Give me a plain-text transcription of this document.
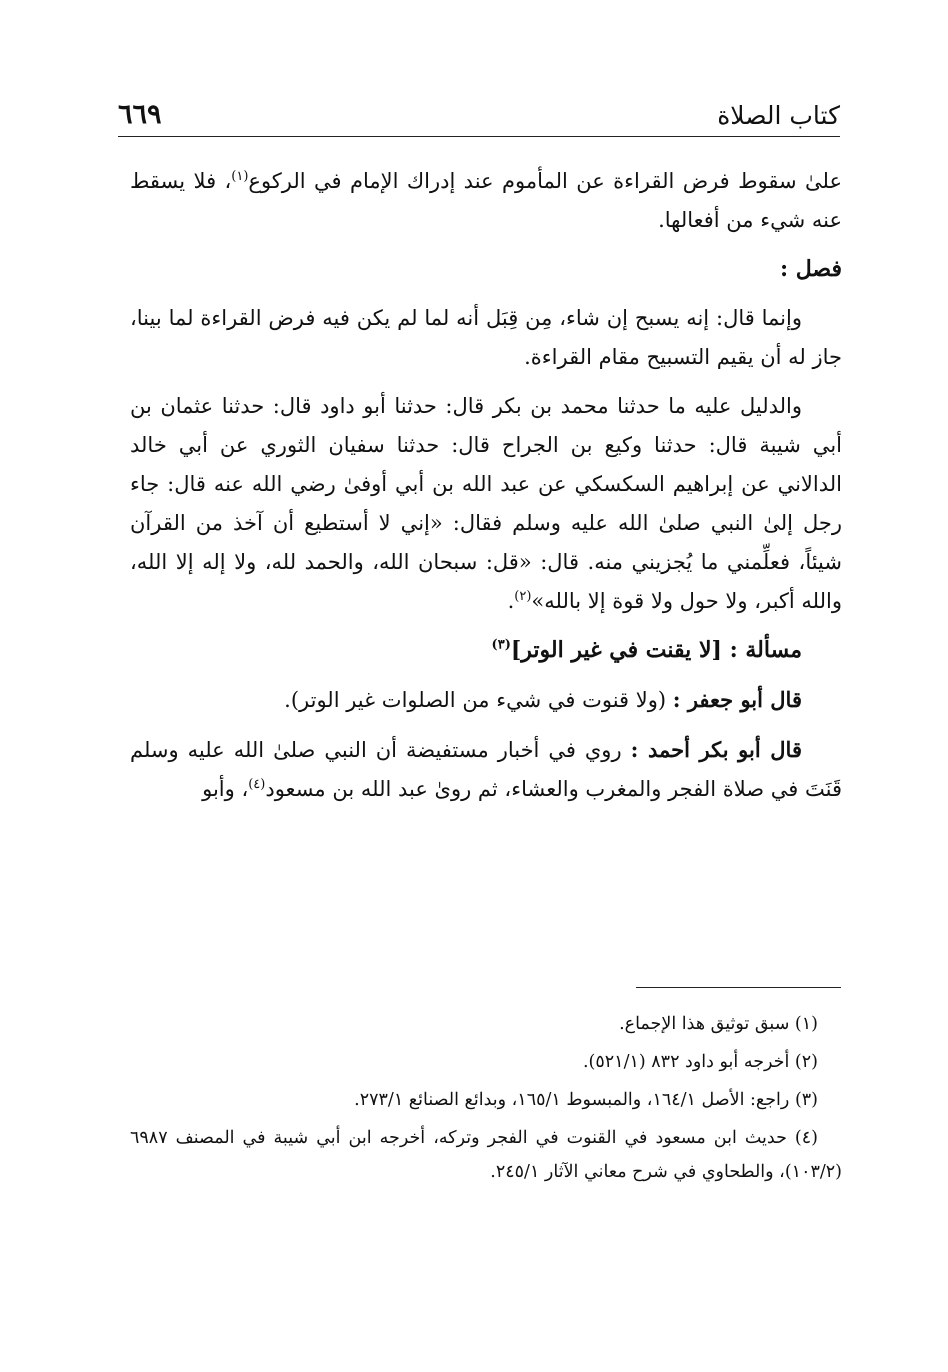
كتاب الصلاة
٦٦٩

علىٰ سقوط فرض القراءة عن المأموم عند إدراك الإمام في الركوع$^{(١)}$، فلا يسقط عنه شيء من أفعالها.

فصل :

وإنما قال: إنه يسبح إن شاء، مِن قِبَل أنه لما لم يكن فيه فرض القراءة لما بينا، جاز له أن يقيم التسبيح مقام القراءة.

والدليل عليه ما حدثنا محمد بن بكر قال: حدثنا أبو داود قال: حدثنا عثمان بن أبي شيبة قال: حدثنا وكيع بن الجراح قال: حدثنا سفيان الثوري عن أبي خالد الدالاني عن إبراهيم السكسكي عن عبد الله بن أبي أوفىٰ رضي الله عنه قال: جاء رجل إلىٰ النبي صلىٰ الله عليه وسلم فقال: «إني لا أستطيع أن آخذ من القرآن شيئاً، فعلِّمني ما يُجزيني منه. قال: «قل: سبحان الله، والحمد لله، ولا إله إلا الله، والله أكبر، ولا حول ولا قوة إلا بالله»$^{(٢)}$.

مسألة : [لا يقنت في غير الوتر]$^{(٣)}$

قال أبو جعفر : (ولا قنوت في شيء من الصلوات غير الوتر).

قال أبو بكر أحمد : روي في أخبار مستفيضة أن النبي صلىٰ الله عليه وسلم قَنَتَ في صلاة الفجر والمغرب والعشاء، ثم روىٰ عبد الله بن مسعود$^{(٤)}$، وأبو

(١) سبق توثيق هذا الإجماع.

(٢) أخرجه أبو داود ٨٣٢ (٥٢١/١).

(٣) راجع: الأصل ١٦٤/١، والمبسوط ١٦٥/١، وبدائع الصنائع ٢٧٣/١.

(٤) حديث ابن مسعود في القنوت في الفجر وتركه، أخرجه ابن أبي شيبة في المصنف ٦٩٨٧ (١٠٣/٢)، والطحاوي في شرح معاني الآثار ٢٤٥/١.
